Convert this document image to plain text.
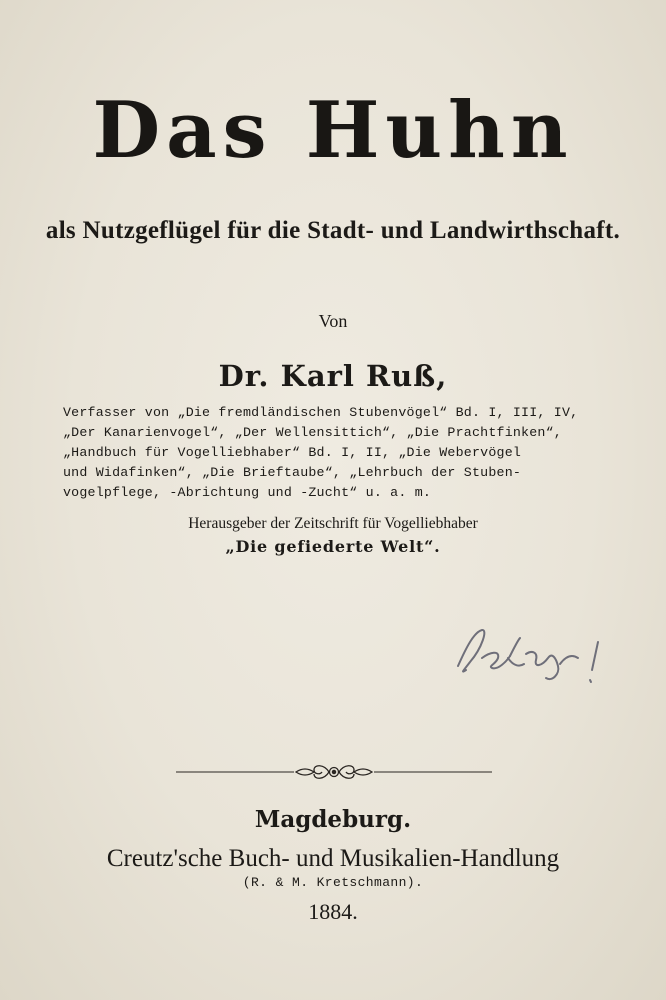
Das Huhn
als Nutzgeflügel für die Stadt- und Landwirthschaft.
Von
Dr. Karl Ruß,
Verfasser von „Die fremdländischen Stubenvögel“ Bd. I, III, IV,
„Der Kanarienvogel“, „Der Wellensittich“, „Die Prachtfinken“,
„Handbuch für Vogelliebhaber“ Bd. I, II, „Die Webervögel
und Widafinken“, „Die Brieftaube“, „Lehrbuch der Stuben-
vogelpflege, -Abrichtung und -Zucht“ u. a. m.
Herausgeber der Zeitschrift für Vogelliebhaber
„Die gefiederte Welt“.
Magdeburg.
Creutz'sche Buch- und Musikalien-Handlung
(R. & M. Kretschmann).
1884.
